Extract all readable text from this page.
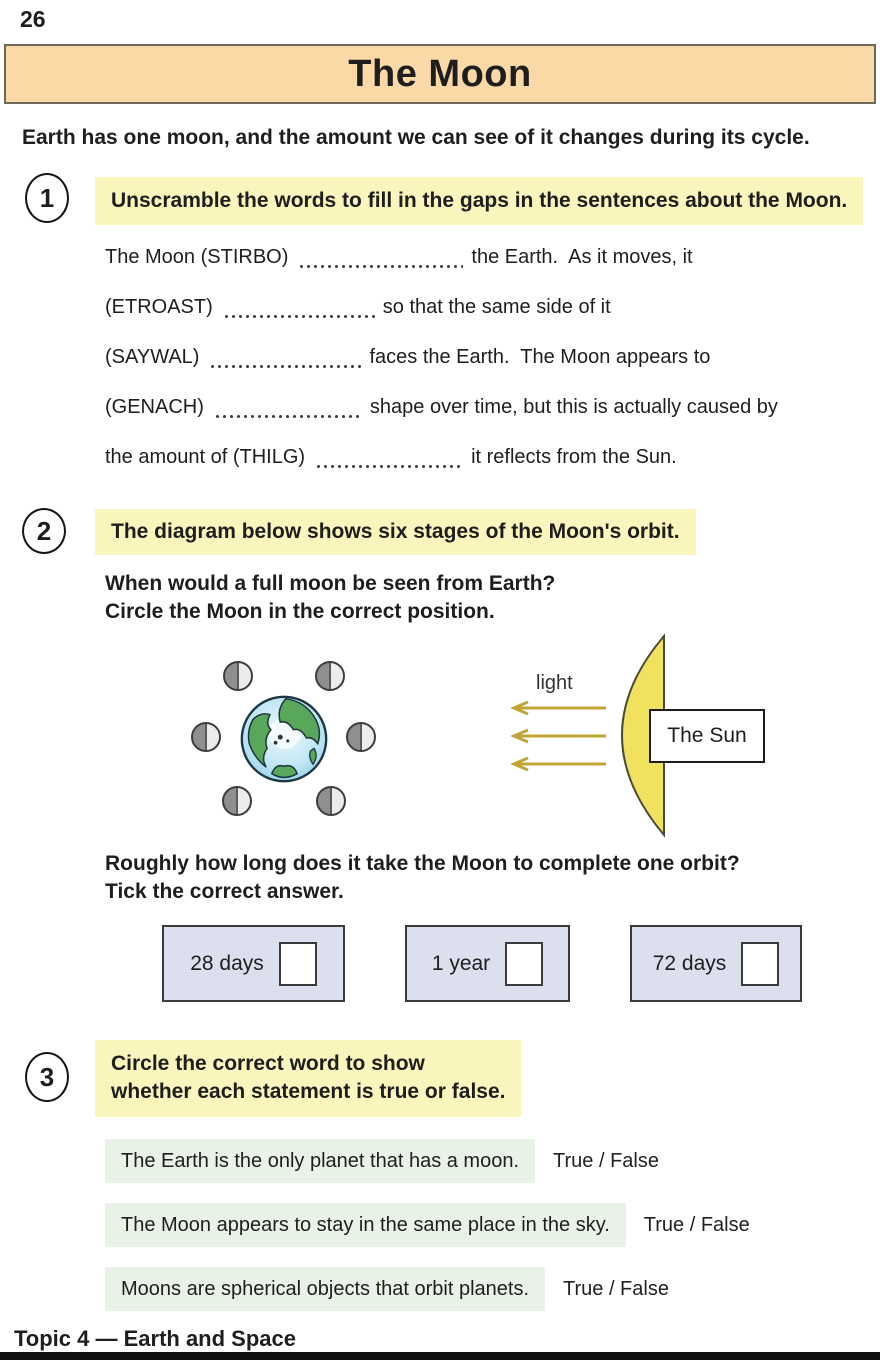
26
The Moon
Earth has one moon, and the amount we can see of it changes during its cycle.
1	Unscramble the words to fill in the gaps in the sentences about the Moon.
The Moon (STIRBO)	the Earth.  As it moves, it
(ETROAST)	so that the same side of it
(SAYWAL)	faces the Earth.  The Moon appears to
(GENACH)	shape over time, but this is actually caused by
the amount of (THILG)	it reflects from the Sun.
2	The diagram below shows six stages of the Moon's orbit.
When would a full moon be seen from Earth?
Circle the Moon in the correct position.
light
The Sun
Roughly how long does it take the Moon to complete one orbit?
Tick the correct answer.
28 days	1 year	72 days
3	Circle the correct word to show
whether each statement is true or false.
The Earth is the only planet that has a moon. True / False
The Moon appears to stay in the same place in the sky. True / False
Moons are spherical objects that orbit planets. True / False
Topic 4 — Earth and Space
